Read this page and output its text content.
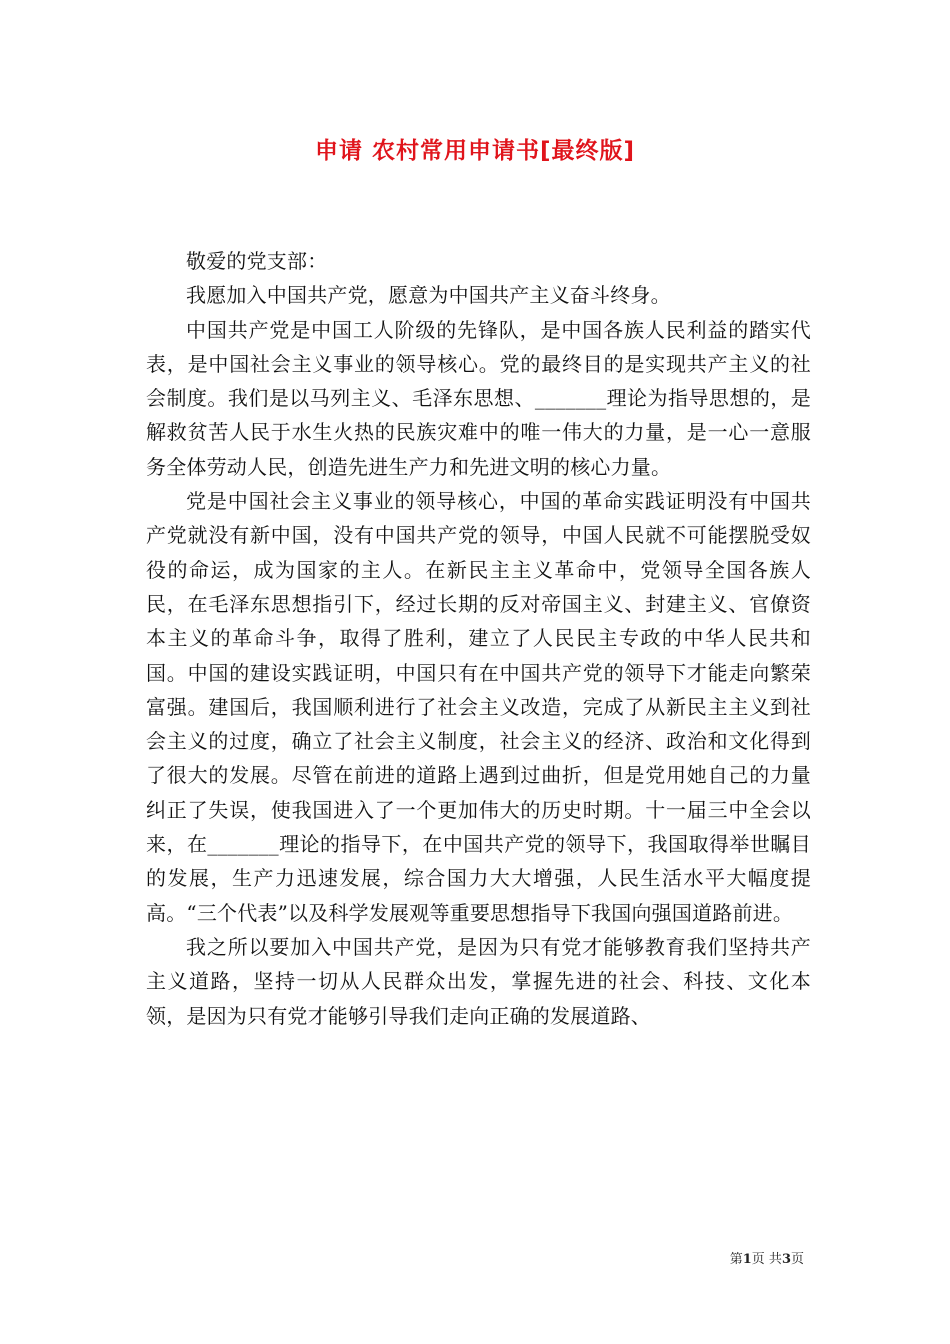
申请 农村常用申请书[最终版]

敬爱的党支部：

我愿加入中国共产党，愿意为中国共产主义奋斗终身。

中国共产党是中国工人阶级的先锋队，是中国各族人民利益的踏实代表，是中国社会主义事业的领导核心。党的最终目的是实现共产主义的社会制度。我们是以马列主义、毛泽东思想、_______理论为指导思想的，是解救贫苦人民于水生火热的民族灾难中的唯一伟大的力量，是一心一意服务全体劳动人民，创造先进生产力和先进文明的核心力量。

党是中国社会主义事业的领导核心，中国的革命实践证明没有中国共产党就没有新中国，没有中国共产党的领导，中国人民就不可能摆脱受奴役的命运，成为国家的主人。在新民主主义革命中，党领导全国各族人民，在毛泽东思想指引下，经过长期的反对帝国主义、封建主义、官僚资本主义的革命斗争，取得了胜利，建立了人民民主专政的中华人民共和国。中国的建设实践证明，中国只有在中国共产党的领导下才能走向繁荣富强。建国后，我国顺利进行了社会主义改造，完成了从新民主主义到社会主义的过度，确立了社会主义制度，社会主义的经济、政治和文化得到了很大的发展。尽管在前进的道路上遇到过曲折，但是党用她自己的力量纠正了失误，使我国进入了一个更加伟大的历史时期。十一届三中全会以来，在_______理论的指导下，在中国共产党的领导下，我国取得举世瞩目的发展，生产力迅速发展，综合国力大大增强，人民生活水平大幅度提高。“三个代表”以及科学发展观等重要思想指导下我国向强国道路前进。

我之所以要加入中国共产党，是因为只有党才能够教育我们坚持共产主义道路，坚持一切从人民群众出发，掌握先进的社会、科技、文化本领，是因为只有党才能够引导我们走向正确的发展道路、

第1页 共3页
